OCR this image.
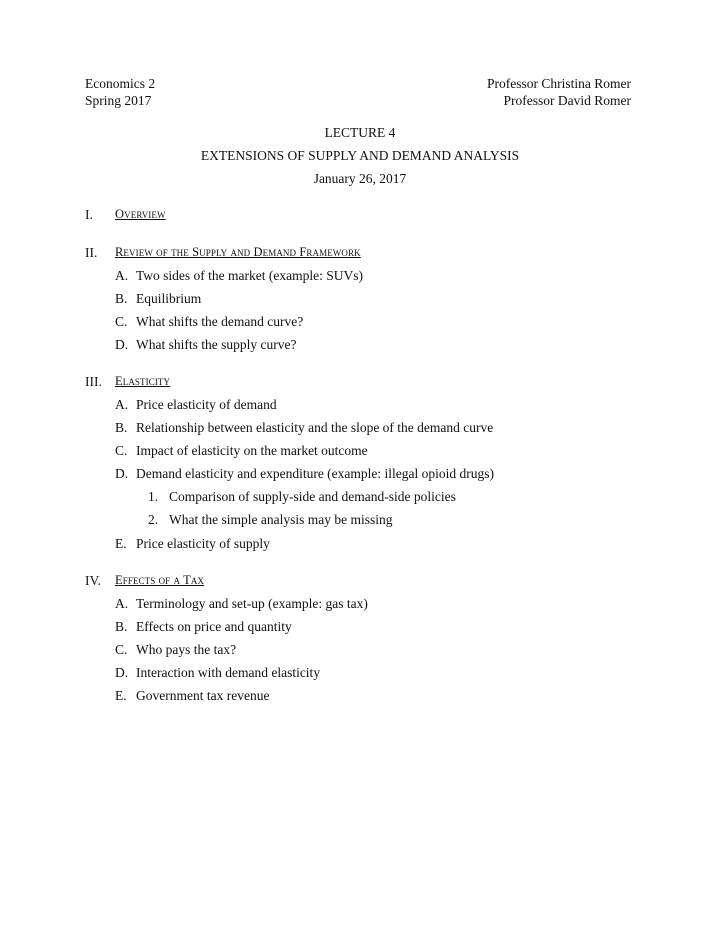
Economics 2	Professor Christina Romer
Spring 2017	Professor David Romer
LECTURE 4
EXTENSIONS OF SUPPLY AND DEMAND ANALYSIS
January 26, 2017
I.	Overview
II.	Review of the Supply and Demand Framework
A. Two sides of the market (example: SUVs)
B. Equilibrium
C. What shifts the demand curve?
D. What shifts the supply curve?
III.	Elasticity
A. Price elasticity of demand
B. Relationship between elasticity and the slope of the demand curve
C. Impact of elasticity on the market outcome
D. Demand elasticity and expenditure (example: illegal opioid drugs)
1. Comparison of supply-side and demand-side policies
2. What the simple analysis may be missing
E. Price elasticity of supply
IV.	Effects of a Tax
A. Terminology and set-up (example: gas tax)
B. Effects on price and quantity
C. Who pays the tax?
D. Interaction with demand elasticity
E. Government tax revenue
